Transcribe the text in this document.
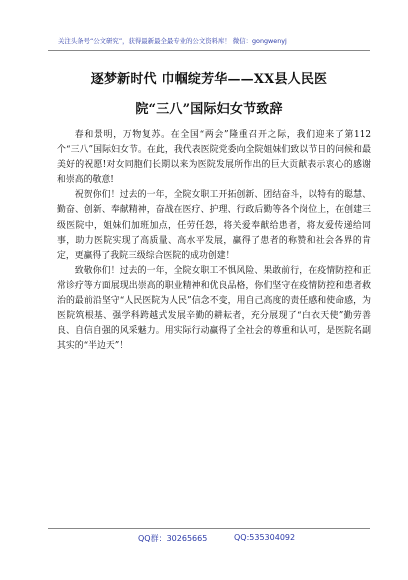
关注头条号“公文研究”，获得最新最全最专业的公文资料库！ 微信：gongwenyj
逐梦新时代 巾帼绽芳华——XX县人民医
院“三八”国际妇女节致辞

春和景明，万物复苏。在全国“两会”隆重召开之际，我们迎来了第112个“三八”国际妇女节。在此，我代表医院党委向全院姐妹们致以节日的问候和最美好的祝愿!对女同胞们长期以来为医院发展所作出的巨大贡献表示衷心的感谢和崇高的敬意!

祝贺你们！过去的一年，全院女职工开拓创新、团结奋斗，以特有的聪慧、勤奋、创新、奉献精神，奋战在医疗、护理、行政后勤等各个岗位上，在创建三级医院中，姐妹们加班加点，任劳任怨，将关爱奉献给患者，将友爱传递给同事，助力医院实现了高质量、高水平发展，赢得了患者的称赞和社会各界的肯定，更赢得了我院三级综合医院的成功创建！

致敬你们！过去的一年，全院女职工不惧风险、果敢前行，在疫情防控和正常诊疗等方面展现出崇高的职业精神和优良品格，你们坚守在疫情防控和患者救治的最前沿坚守“人民医院为人民”信念不变，用自己高度的责任感和使命感，为医院筑根基、强学科跨越式发展辛勤的耕耘者，充分展现了“白衣天使”勤劳善良、自信自强的风采魅力。用实际行动赢得了全社会的尊重和认可，是医院名副其实的“半边天”！

QQ群：30265665	QQ:535304092
